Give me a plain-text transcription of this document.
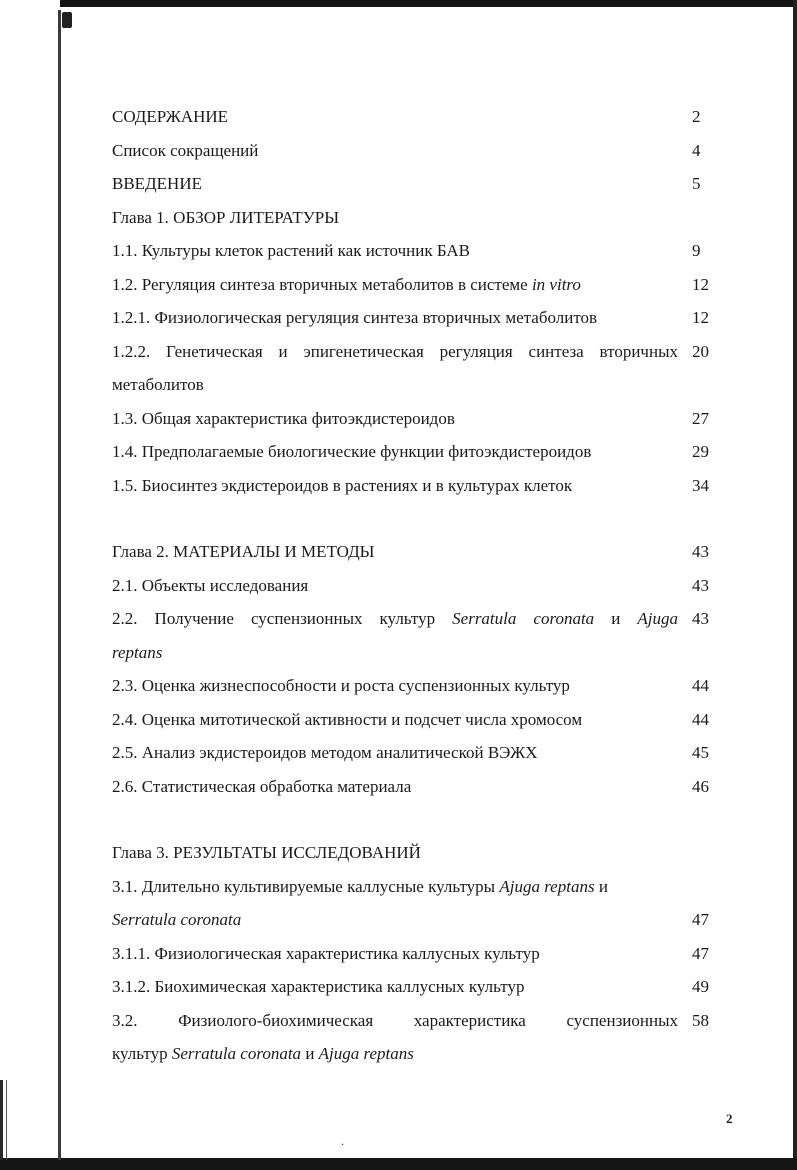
СОДЕРЖАНИЕ	2
Список сокращений	4
ВВЕДЕНИЕ	5
Глава 1. ОБЗОР ЛИТЕРАТУРЫ
1.1. Культуры клеток растений как источник БАВ	9
1.2. Регуляция синтеза вторичных метаболитов в системе in vitro	12
1.2.1. Физиологическая регуляция синтеза вторичных метаболитов	12
1.2.2. Генетическая и эпигенетическая регуляция синтеза вторичных 20
метаболитов
1.3. Общая характеристика фитоэкдистероидов	27
1.4. Предполагаемые биологические функции фитоэкдистероидов	29
1.5. Биосинтез экдистероидов в растениях и в культурах клеток	34
Глава 2. МАТЕРИАЛЫ И МЕТОДЫ	43
2.1. Объекты исследования	43
2.2. Получение суспензионных культур Serratula coronata и Ajuga 43
reptans
2.3. Оценка жизнеспособности и роста суспензионных культур	44
2.4. Оценка митотической активности и подсчет числа хромосом	44
2.5. Анализ экдистероидов методом аналитической ВЭЖХ	45
2.6. Статистическая обработка материала	46
Глава 3. РЕЗУЛЬТАТЫ ИССЛЕДОВАНИЙ
3.1. Длительно культивируемые каллусные культуры Ajuga reptans и
Serratula coronata	47
3.1.1. Физиологическая характеристика каллусных культур	47
3.1.2. Биохимическая характеристика каллусных культур	49
3.2. Физиолого-биохимическая характеристика суспензионных 58
культур Serratula coronata и Ajuga reptans
2
.
